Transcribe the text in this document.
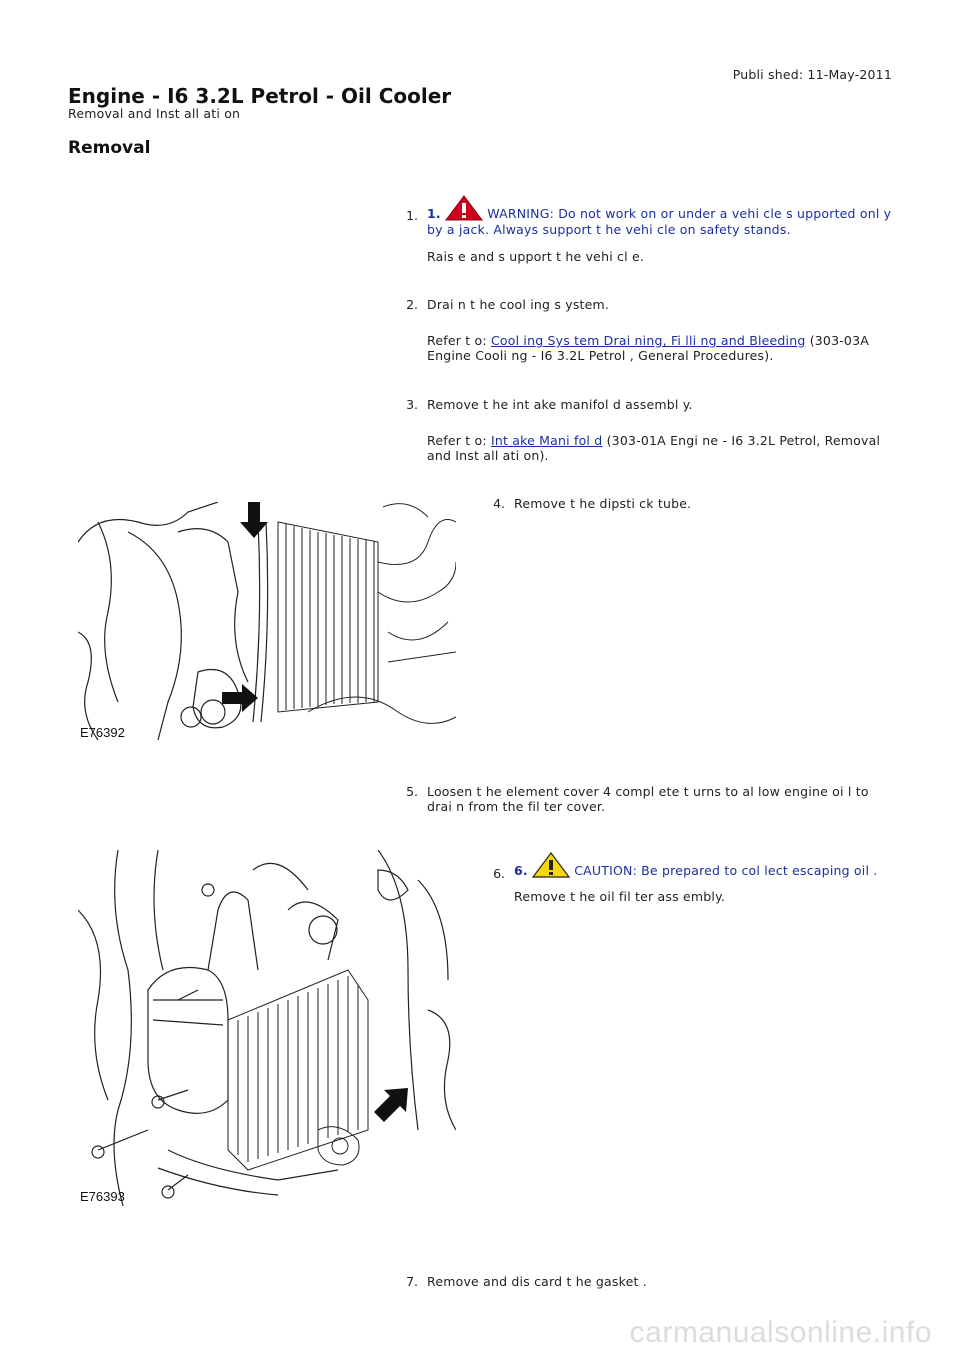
Publi shed: 11-May-2011
Engine - I6 3.2L Petrol - Oil Cooler
Removal and Inst all ati on
Removal
1. 1.	WARNING: Do not work on or under a vehi cle s upported onl y
by a jack. Always support t he vehi cle on safety stands.
Rais e and s upport t he vehi cl e.
2. Drai n t he cool ing s ystem.
Refer t o: Cool ing Sys tem Drai ning, Fi lli ng and Bleeding (303-03A
Engine Cooli ng - I6 3.2L Petrol , General Procedures).
3. Remove t he int ake manifol d assembl y.
Refer t o: Int ake Mani fol d (303-01A Engi ne - I6 3.2L Petrol, Removal
and Inst all ati on).
E76392
4. Remove t he dipsti ck tube.
5. Loosen t he element cover 4 compl ete t urns to al low engine oi l to
drai n from the fil ter cover.
E76393
6. 6.	CAUTION: Be prepared to col lect escaping oil .
Remove t he oil fil ter ass embly.
7. Remove and dis card t he gasket .
carmanualsonline.info
